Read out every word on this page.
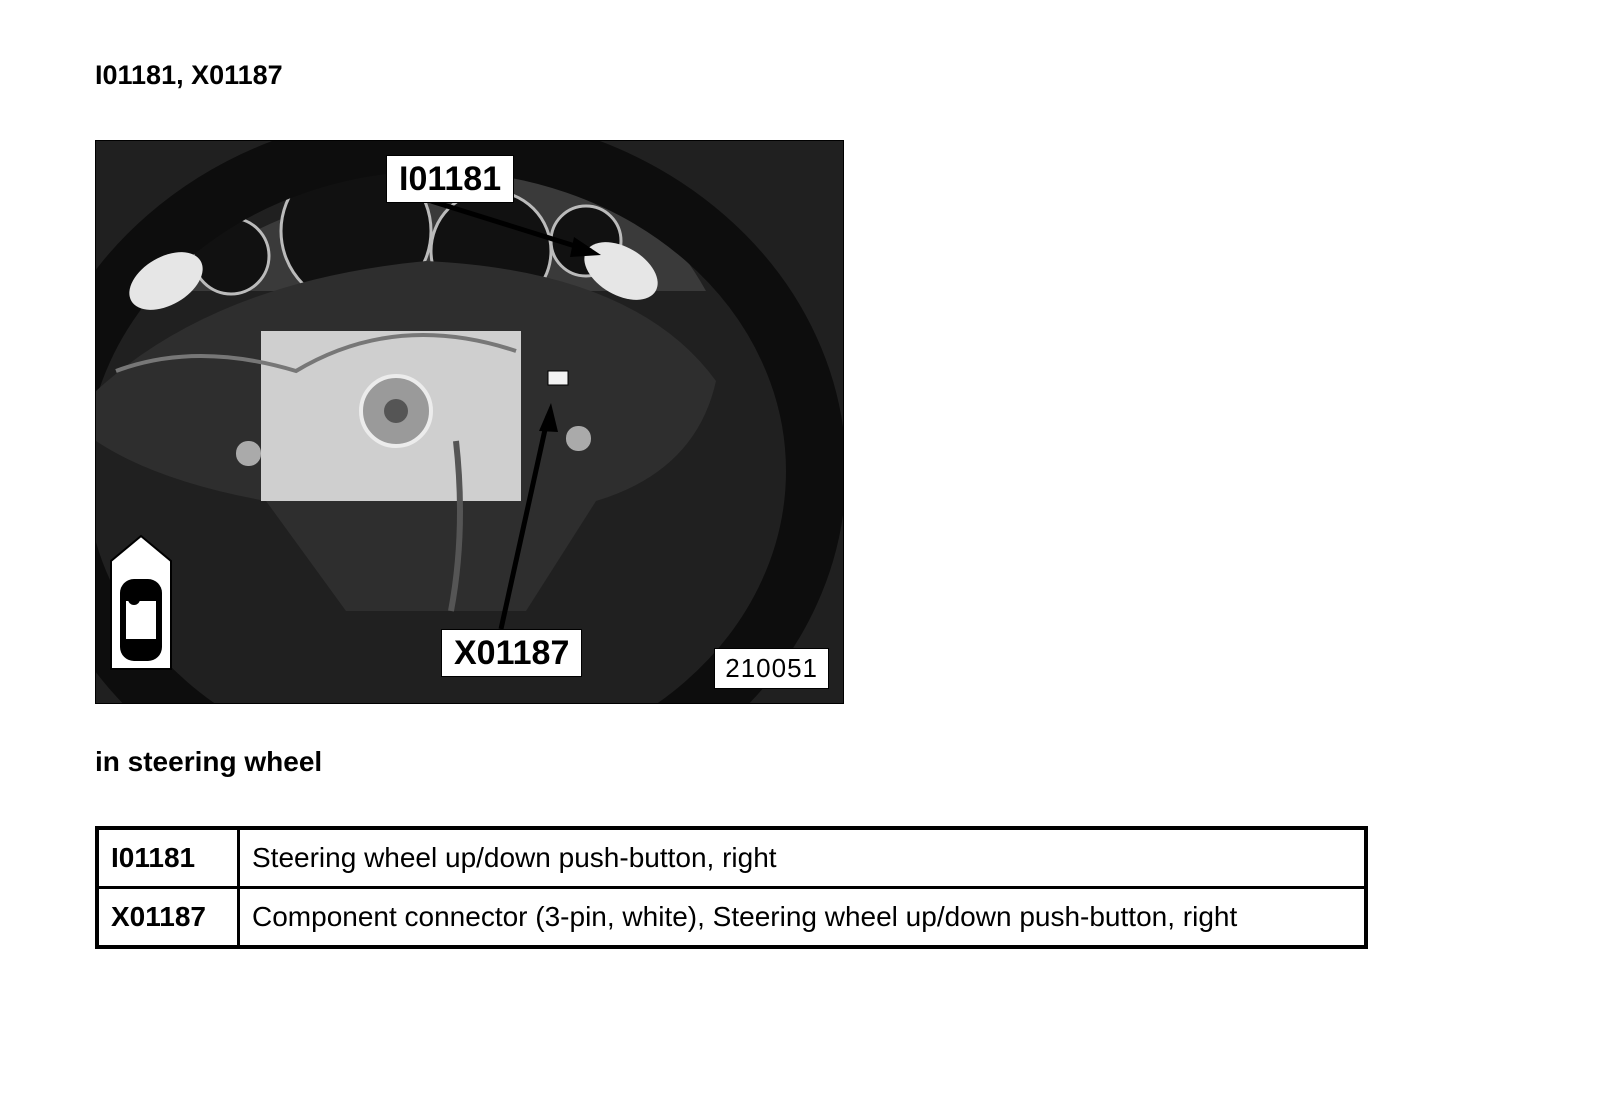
I01181, X01187
I01181
X01187	210051
in steering wheel
I01181	Steering wheel up/down push-button, right
X01187	Component connector (3-pin, white), Steering wheel up/down push-button, right
